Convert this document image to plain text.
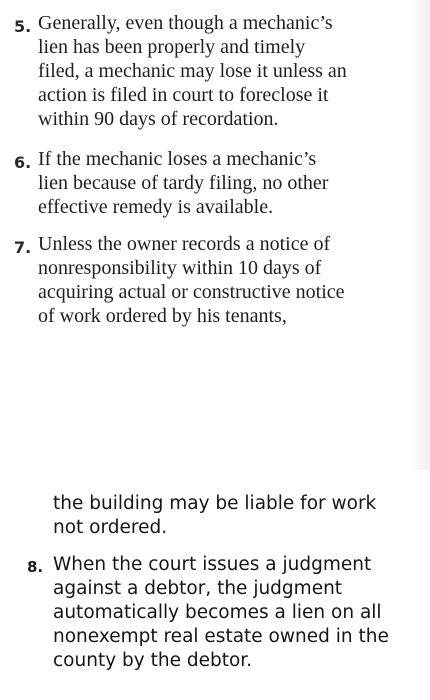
5. Generally, even though a mechanic’s
lien has been properly and timely
filed, a mechanic may lose it unless an
action is filed in court to foreclose it
within 90 days of recordation.
6. If the mechanic loses a mechanic’s
lien because of tardy filing, no other
effective remedy is available.
7. Unless the owner records a notice of
nonresponsibility within 10 days of
acquiring actual or constructive notice
of work ordered by his tenants,
the building may be liable for work
not ordered.
8. When the court issues a judgment
against a debtor, the judgment
automatically becomes a lien on all
nonexempt real estate owned in the
county by the debtor.
